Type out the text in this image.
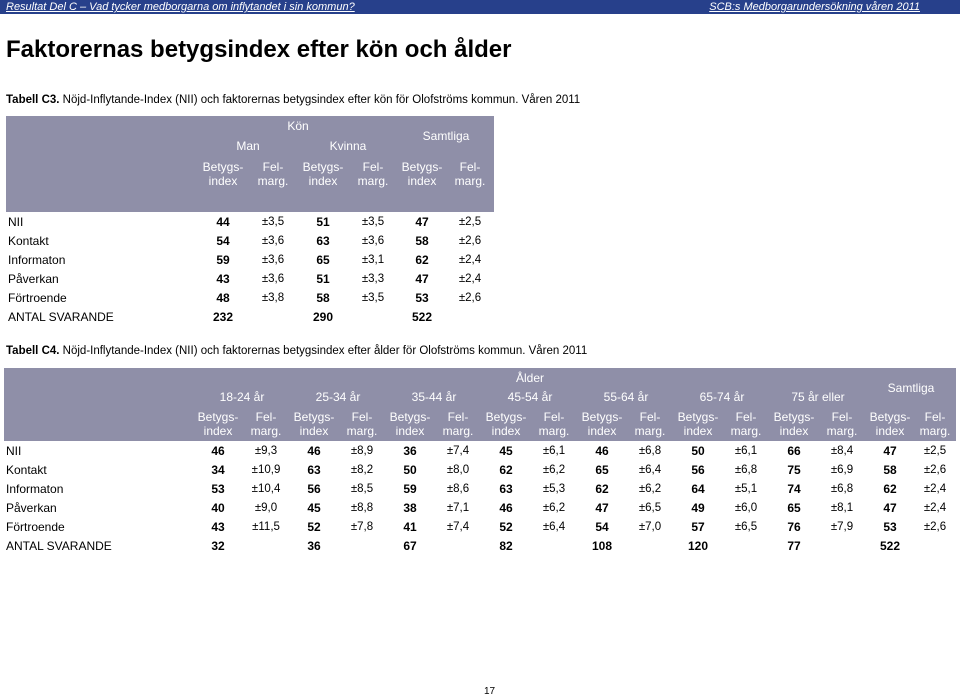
Resultat Del C – Vad tycker medborgarna om inflytandet i sin kommun?	SCB:s Medborgarundersökning våren 2011
Faktorernas betygsindex efter kön och ålder
Tabell C3. Nöjd-Inflytande-Index (NII) och faktorernas betygsindex efter kön för Olofströms kommun. Våren 2011
	Kön				Samtliga	
	Man		Kvinna			
	Betygs- index	Fel- marg.	Betygs- index	Fel- marg.	Betygs- index	Fel- marg.

NII	44	±3,5	51	±3,5	47	±2,5
Kontakt	54	±3,6	63	±3,6	58	±2,6
Informaton	59	±3,6	65	±3,1	62	±2,4
Påverkan	43	±3,6	51	±3,3	47	±2,4
Förtroende	48	±3,8	58	±3,5	53	±2,6
ANTAL SVARANDE	232		290		522	
Tabell C4. Nöjd-Inflytande-Index (NII) och faktorernas betygsindex efter ålder för Olofströms kommun. Våren 2011
	Ålder														Samtliga	
	18-24 år		25-34 år		35-44 år		45-54 år		55-64 år		65-74 år		75 år eller			
	Betygs- index	Fel- marg.	Betygs- index	Fel- marg.	Betygs- index	Fel- marg.	Betygs- index	Fel- marg.	Betygs- index	Fel- marg.	Betygs- index	Fel- marg.	Betygs- index	Fel- marg.	Betygs- index	Fel- marg.
NII	46	±9,3	46	±8,9	36	±7,4	45	±6,1	46	±6,8	50	±6,1	66	±8,4	47	±2,5
Kontakt	34	±10,9	63	±8,2	50	±8,0	62	±6,2	65	±6,4	56	±6,8	75	±6,9	58	±2,6
Informaton	53	±10,4	56	±8,5	59	±8,6	63	±5,3	62	±6,2	64	±5,1	74	±6,8	62	±2,4
Påverkan	40	±9,0	45	±8,8	38	±7,1	46	±6,2	47	±6,5	49	±6,0	65	±8,1	47	±2,4
Förtroende	43	±11,5	52	±7,8	41	±7,4	52	±6,4	54	±7,0	57	±6,5	76	±7,9	53	±2,6
ANTAL SVARANDE	32		36		67		82		108		120		77		522	
17
